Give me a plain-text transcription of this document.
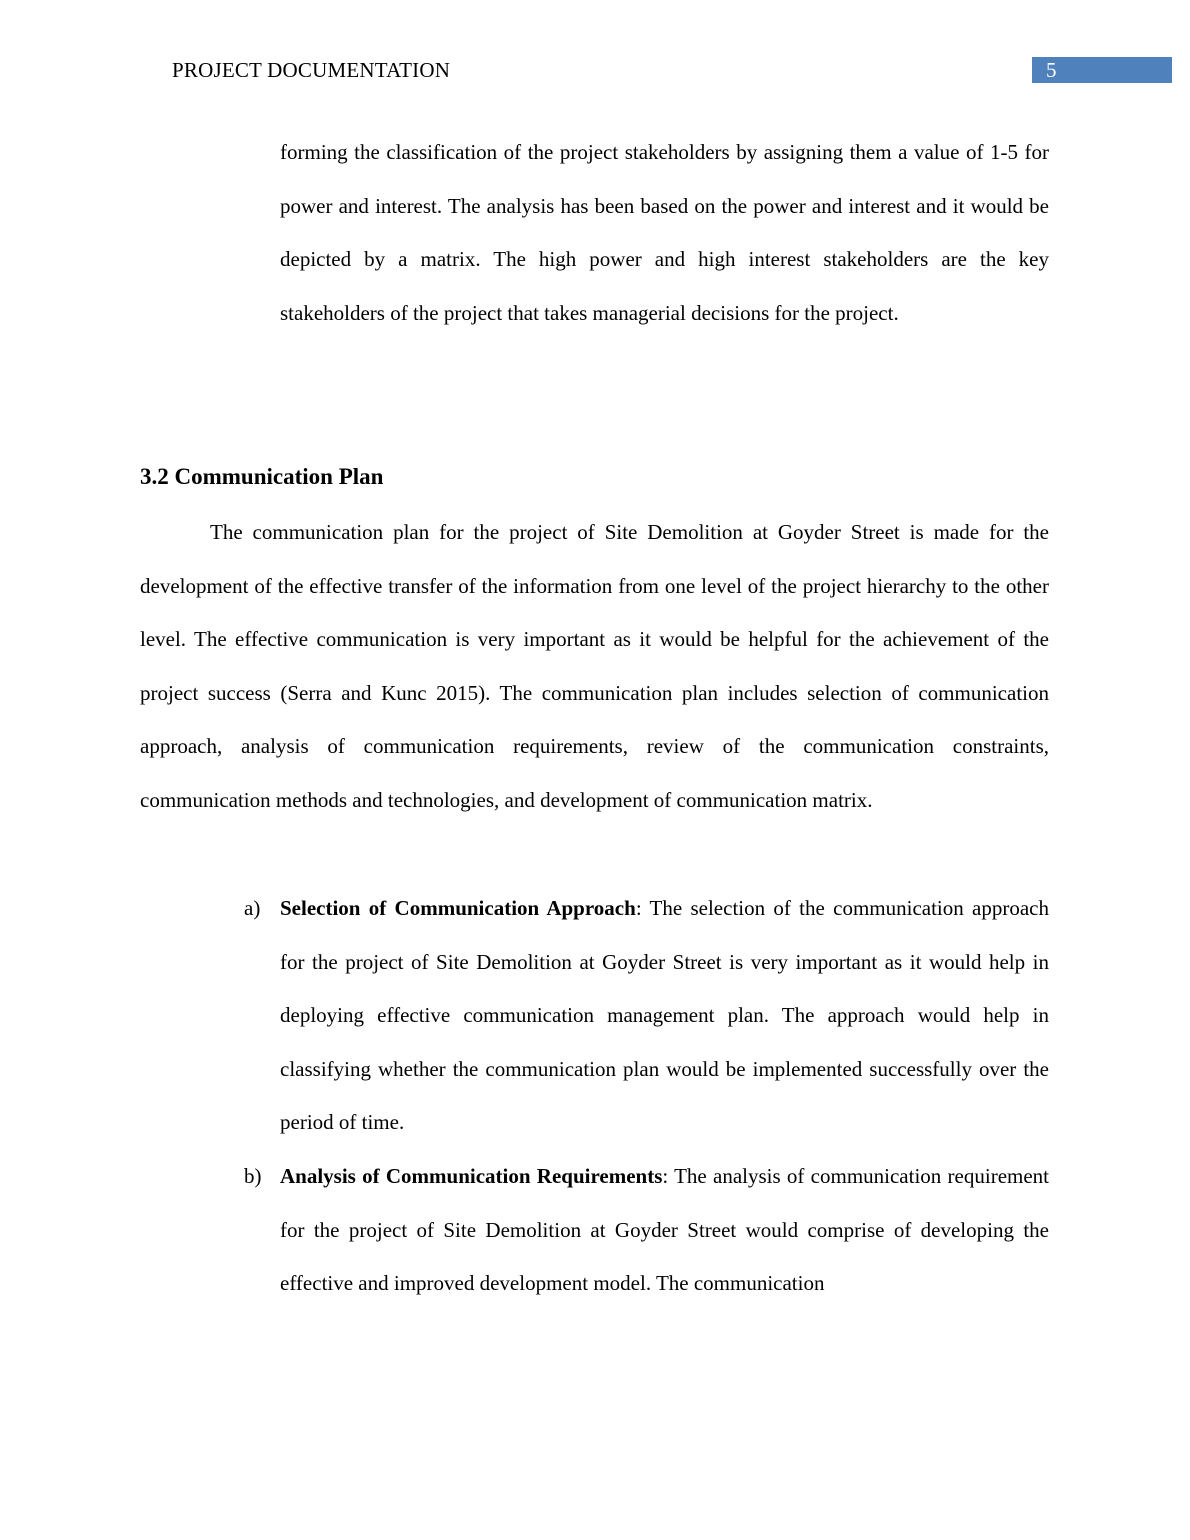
PROJECT DOCUMENTATION	5

forming the classification of the project stakeholders by assigning them a value of 1-5 for power and interest. The analysis has been based on the power and interest and it would be depicted by a matrix. The high power and high interest stakeholders are the key stakeholders of the project that takes managerial decisions for the project.

3.2 Communication Plan

The communication plan for the project of Site Demolition at Goyder Street is made for the development of the effective transfer of the information from one level of the project hierarchy to the other level. The effective communication is very important as it would be helpful for the achievement of the project success (Serra and Kunc 2015). The communication plan includes selection of communication approach, analysis of communication requirements, review of the communication constraints, communication methods and technologies, and development of communication matrix.

a) Selection of Communication Approach: The selection of the communication approach for the project of Site Demolition at Goyder Street is very important as it would help in deploying effective communication management plan. The approach would help in classifying whether the communication plan would be implemented successfully over the period of time.
b) Analysis of Communication Requirements: The analysis of communication requirement for the project of Site Demolition at Goyder Street would comprise of developing the effective and improved development model. The communication
